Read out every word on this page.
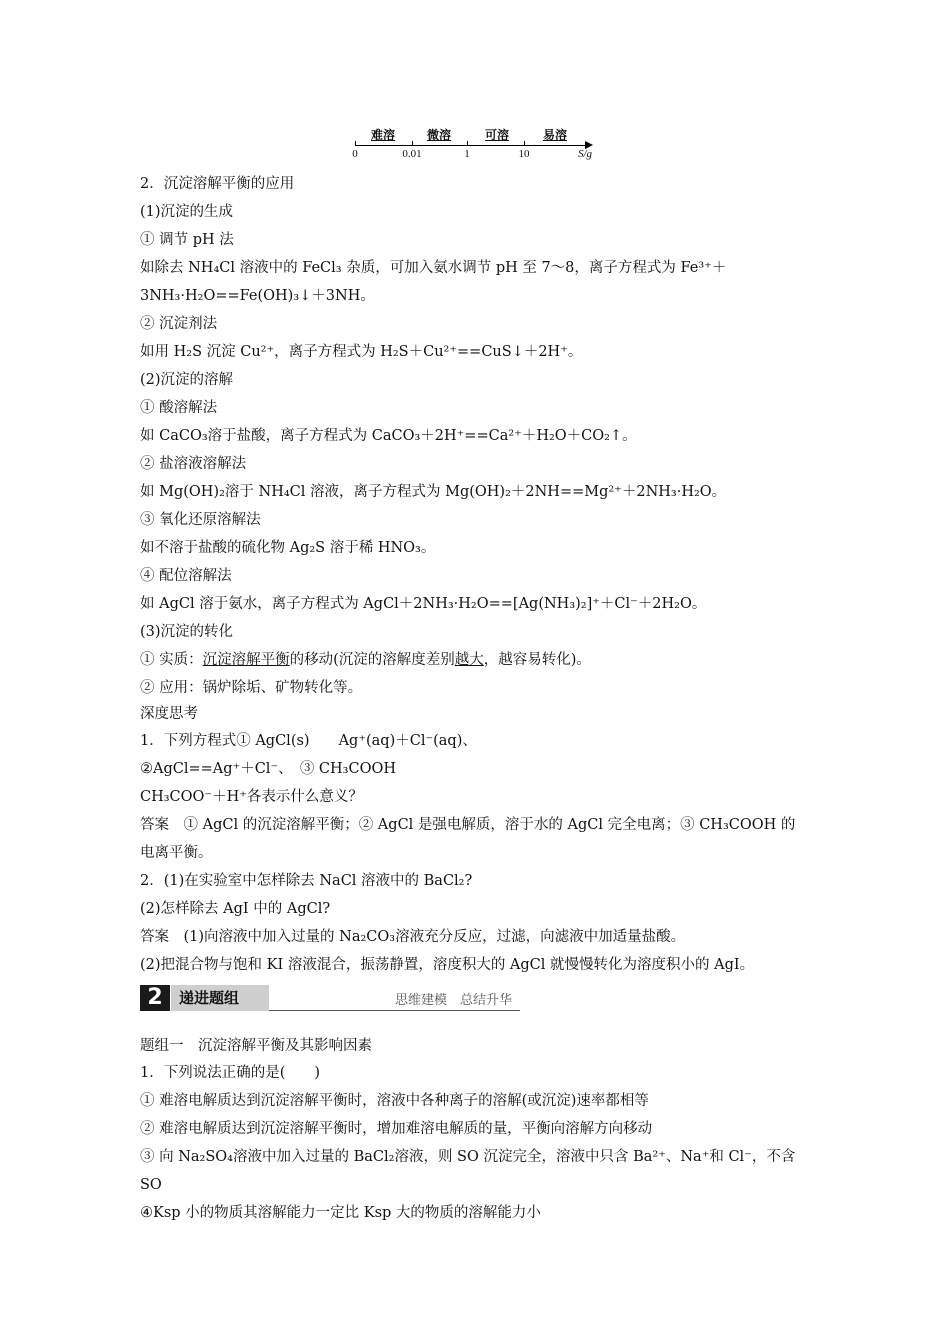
难溶	微溶	可溶	易溶
0	0.01	1	10	S/g
2．沉淀溶解平衡的应用
(1)沉淀的生成
① 调节 pH 法
如除去 NH₄Cl 溶液中的 FeCl₃ 杂质，可加入氨水调节 pH 至 7～8，离子方程式为 Fe³⁺＋
3NH₃·H₂O==Fe(OH)₃↓＋3NH。
② 沉淀剂法
如用 H₂S 沉淀 Cu²⁺，离子方程式为 H₂S＋Cu²⁺==CuS↓＋2H⁺。
(2)沉淀的溶解
① 酸溶解法
如 CaCO₃溶于盐酸，离子方程式为 CaCO₃＋2H⁺==Ca²⁺＋H₂O＋CO₂↑。
② 盐溶液溶解法
如 Mg(OH)₂溶于 NH₄Cl 溶液，离子方程式为 Mg(OH)₂＋2NH==Mg²⁺＋2NH₃·H₂O。
③ 氧化还原溶解法
如不溶于盐酸的硫化物 Ag₂S 溶于稀 HNO₃。
④ 配位溶解法
如 AgCl 溶于氨水，离子方程式为 AgCl＋2NH₃·H₂O==[Ag(NH₃)₂]⁺＋Cl⁻＋2H₂O。
(3)沉淀的转化
① 实质：沉淀溶解平衡的移动(沉淀的溶解度差别越大，越容易转化)。
② 应用：锅炉除垢、矿物转化等。
深度思考
1．下列方程式① AgCl(s)　　Ag⁺(aq)＋Cl⁻(aq)、
②AgCl==Ag⁺＋Cl⁻、　③ CH₃COOH
CH₃COO⁻＋H⁺各表示什么意义？
答案　① AgCl 的沉淀溶解平衡；② AgCl 是强电解质，溶于水的 AgCl 完全电离；③ CH₃COOH 的
电离平衡。
2．(1)在实验室中怎样除去 NaCl 溶液中的 BaCl₂?
(2)怎样除去 AgI 中的 AgCl?
答案　(1)向溶液中加入过量的 Na₂CO₃溶液充分反应，过滤，向滤液中加适量盐酸。
(2)把混合物与饱和 KI 溶液混合，振荡静置，溶度积大的 AgCl 就慢慢转化为溶度积小的 AgI。
2	递进题组	思维建模　总结升华
题组一　沉淀溶解平衡及其影响因素
1．下列说法正确的是(　　)
① 难溶电解质达到沉淀溶解平衡时，溶液中各种离子的溶解(或沉淀)速率都相等
② 难溶电解质达到沉淀溶解平衡时，增加难溶电解质的量，平衡向溶解方向移动
③ 向 Na₂SO₄溶液中加入过量的 BaCl₂溶液，则 SO 沉淀完全，溶液中只含 Ba²⁺、Na⁺和 Cl⁻，不含
SO
④Ksp 小的物质其溶解能力一定比 Ksp 大的物质的溶解能力小
